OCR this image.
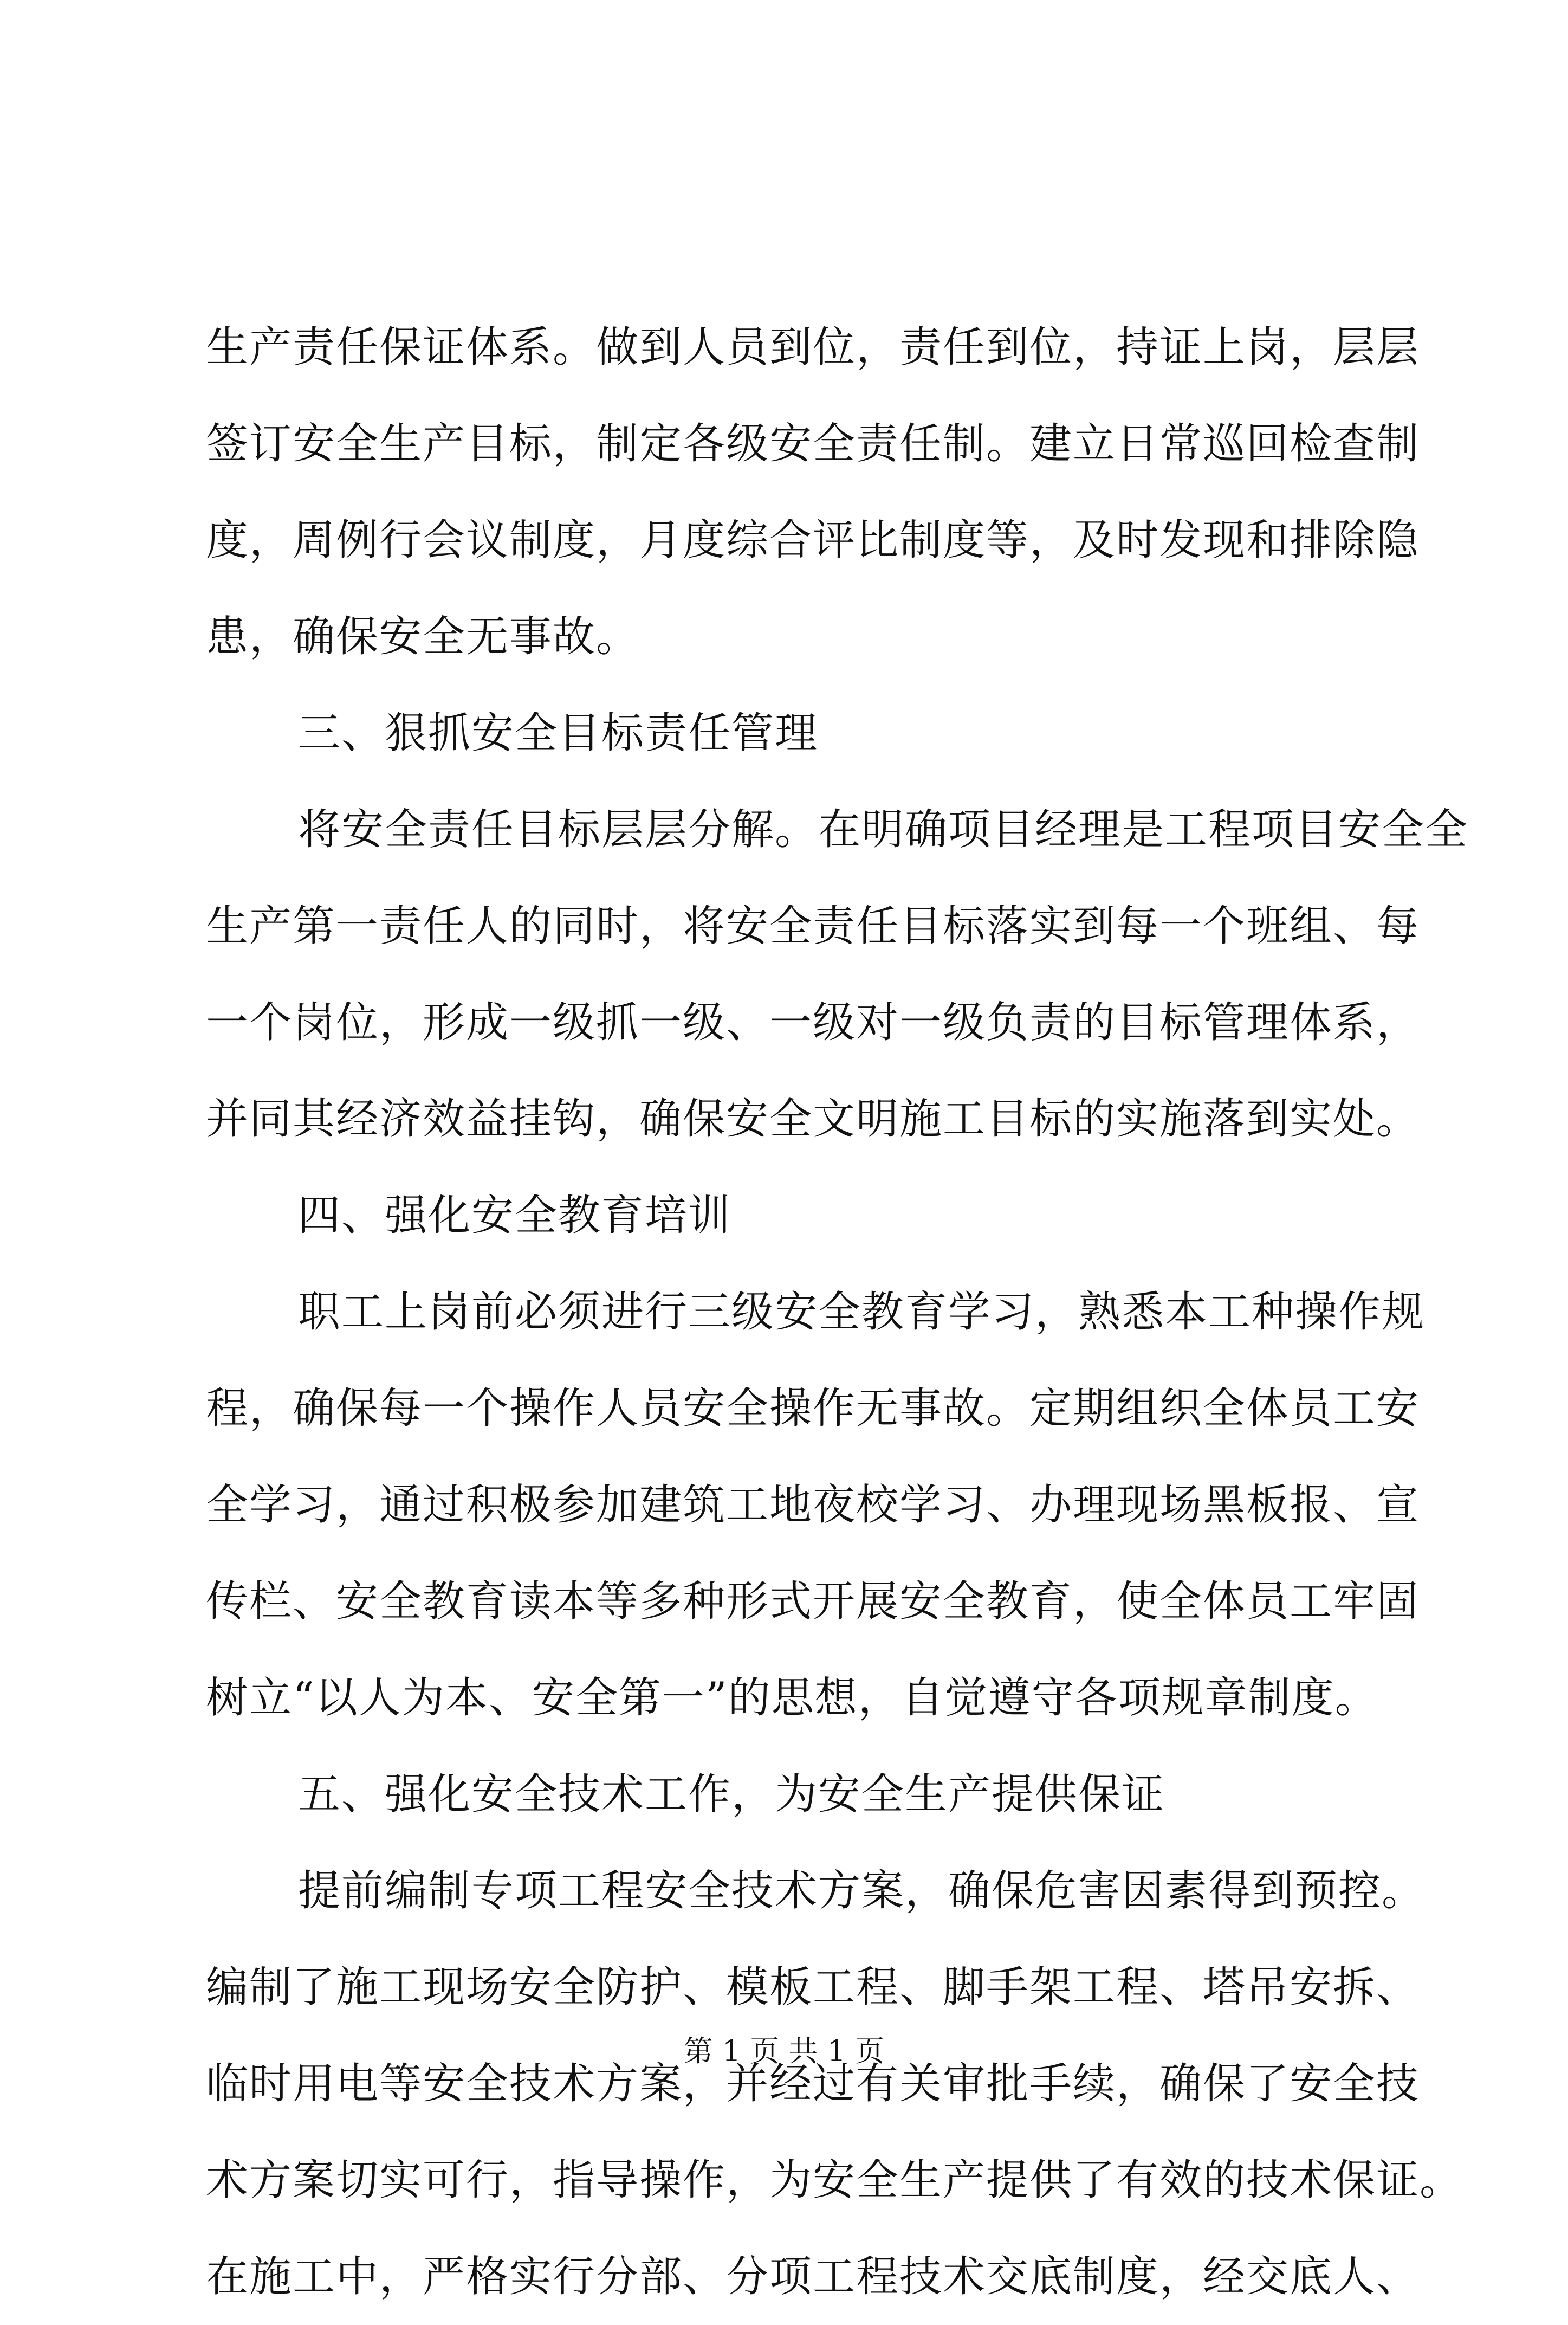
生产责任保证体系。做到人员到位，责任到位，持证上岗，层层
签订安全生产目标，制定各级安全责任制。建立日常巡回检查制
度，周例行会议制度，月度综合评比制度等，及时发现和排除隐
患，确保安全无事故。
三、狠抓安全目标责任管理
将安全责任目标层层分解。在明确项目经理是工程项目安全全
生产第一责任人的同时，将安全责任目标落实到每一个班组、每
一个岗位，形成一级抓一级、一级对一级负责的目标管理体系，
并同其经济效益挂钩，确保安全文明施工目标的实施落到实处。
四、强化安全教育培训
职工上岗前必须进行三级安全教育学习，熟悉本工种操作规
程，确保每一个操作人员安全操作无事故。定期组织全体员工安
全学习，通过积极参加建筑工地夜校学习、办理现场黑板报、宣
传栏、安全教育读本等多种形式开展安全教育，使全体员工牢固
树立“以人为本、安全第一”的思想，自觉遵守各项规章制度。
五、强化安全技术工作，为安全生产提供保证
提前编制专项工程安全技术方案，确保危害因素得到预控。
编制了施工现场安全防护、模板工程、脚手架工程、塔吊安拆、
临时用电等安全技术方案，并经过有关审批手续，确保了安全技
术方案切实可行，指导操作，为安全生产提供了有效的技术保证。
在施工中，严格实行分部、分项工程技术交底制度，经交底人、
第 1 页 共 1 页
